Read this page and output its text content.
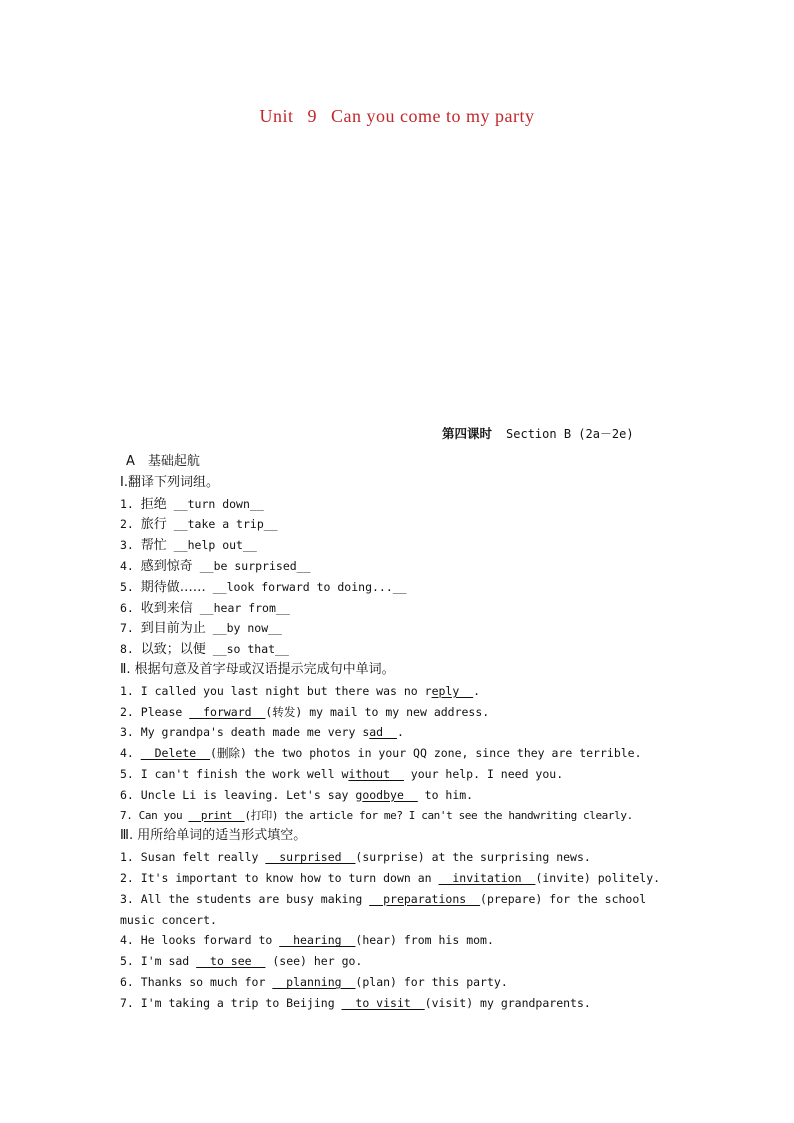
Unit 9 Can you come to my party
第四课时 Section B (2a－2e)
A　基础起航
Ⅰ.翻译下列词组。
1. 拒绝 __turn down__
2. 旅行 __take a trip__
3. 帮忙 __help out__
4. 感到惊奇 __be surprised__
5. 期待做…… __look forward to doing...__
6. 收到来信 __hear from__
7. 到目前为止 __by now__
8. 以致；以便 __so that__
Ⅱ. 根据句意及首字母或汉语提示完成句中单词。
1. I called you last night but there was no reply__.
2. Please __forward__(转发) my mail to my new address.
3. My grandpa's death made me very sad__.
4. __Delete__(删除) the two photos in your QQ zone, since they are terrible.
5. I can't finish the work well without__ your help. I need you.
6. Uncle Li is leaving. Let's say goodbye__ to him.
7. Can you __print__(打印) the article for me? I can't see the handwriting clearly.
Ⅲ. 用所给单词的适当形式填空。
1. Susan felt really __surprised__(surprise) at the surprising news.
2. It's important to know how to turn down an __invitation__(invite) politely.
3. All the students are busy making __preparations__(prepare) for the school music concert.
4. He looks forward to __hearing__(hear) from his mom.
5. I'm sad __to see__ (see) her go.
6. Thanks so much for __planning__(plan) for this party.
7. I'm taking a trip to Beijing __to visit__(visit) my grandparents.
